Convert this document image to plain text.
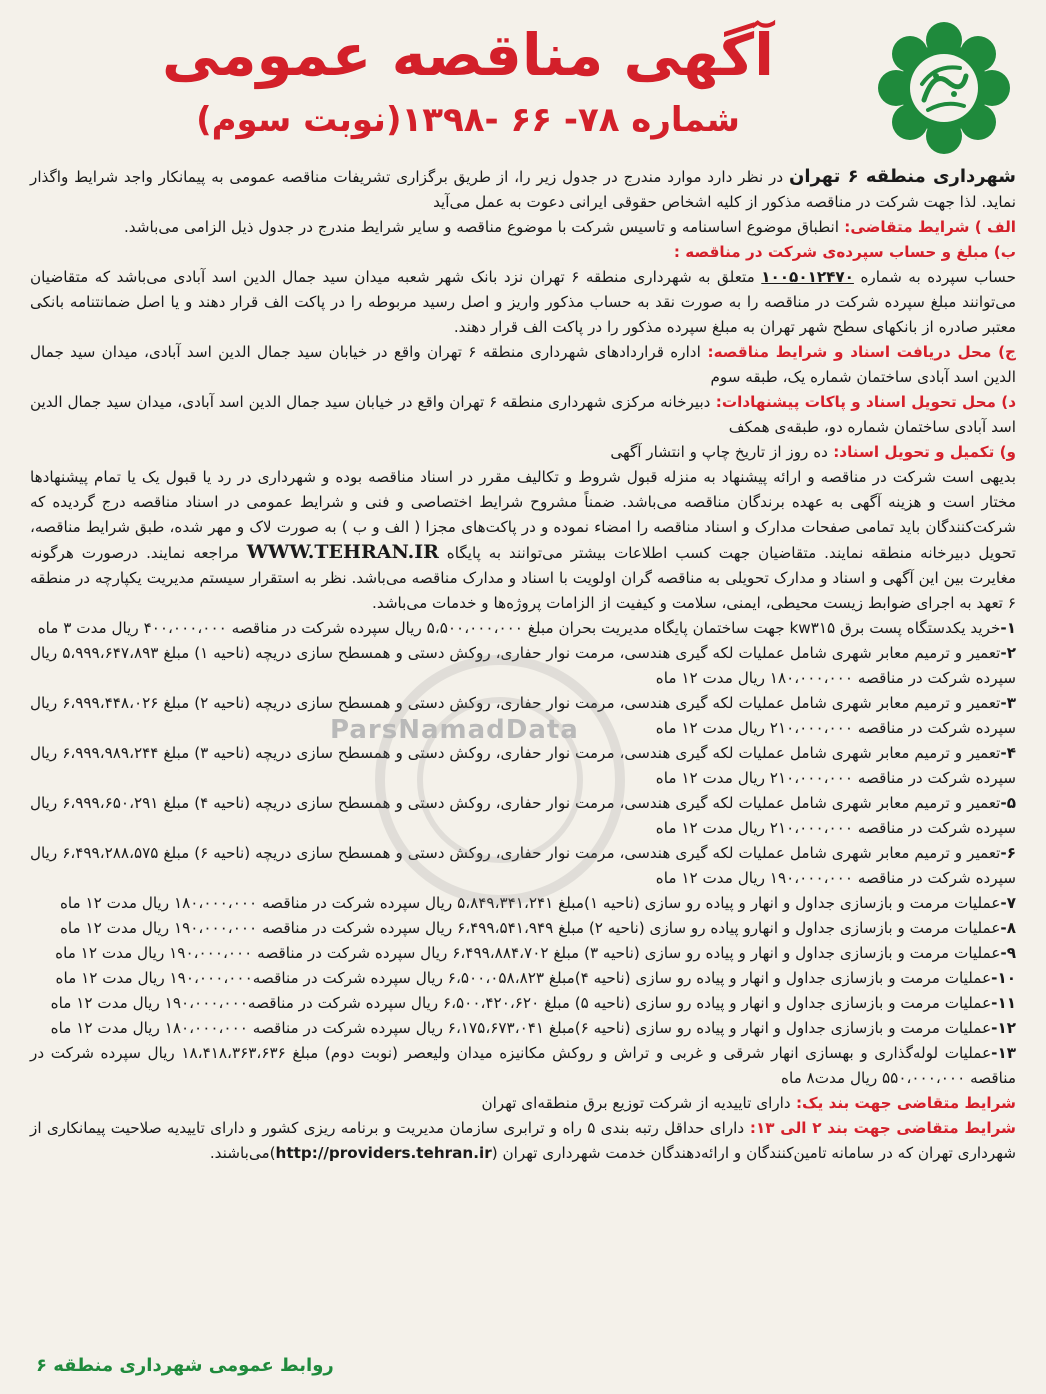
آگهی مناقصه عمومی
شماره ۷۸- ۶۶ -۱۳۹۸(نوبت سوم)

شهرداری منطقه ۶ تهران در نظر دارد موارد مندرج در جدول زیر را، از طریق برگزاری تشریفات مناقصه عمومی به پیمانکار واجد شرایط واگذار نماید. لذا جهت شرکت در مناقصه مذکور از کلیه اشخاص حقوقی ایرانی دعوت به عمل می‌آید

الف ) شرایط متقاضی: انطباق موضوع اساسنامه و تاسیس شرکت با موضوع مناقصه و سایر شرایط مندرج در جدول ذیل الزامی می‌باشد.

ب) مبلغ و حساب سپرده‌ی شرکت در مناقصه :

حساب سپرده به شماره ۱۰۰۵۰۱۲۴۷۰ متعلق به شهرداری منطقه ۶ تهران نزد بانک شهر شعبه میدان سید جمال الدین اسد آبادی می‌باشد که متقاضیان می‌توانند مبلغ سپرده شرکت در مناقصه را به صورت نقد به حساب مذکور واریز و اصل رسید مربوطه را در پاکت الف قرار دهند و یا اصل ضمانتنامه بانکی معتبر صادره از بانکهای سطح شهر تهران به مبلغ سپرده مذکور را در پاکت الف قرار دهند.

ج) محل دریافت اسناد و شرایط مناقصه: اداره قراردادهای شهرداری منطقه ۶ تهران واقع در خیابان سید جمال الدین اسد آبادی، میدان سید جمال الدین اسد آبادی ساختمان شماره یک، طبقه سوم

د) محل تحویل اسناد و پاکات پیشنهادات: دبیرخانه مرکزی شهرداری منطقه ۶ تهران واقع در خیابان سید جمال الدین اسد آبادی، میدان سید جمال الدین اسد آبادی ساختمان شماره دو، طبقه‌ی همکف

و) تکمیل و تحویل اسناد: ده روز از تاریخ چاپ و انتشار آگهی

بدیهی است شرکت در مناقصه و ارائه پیشنهاد به منزله قبول شروط و تکالیف مقرر در اسناد مناقصه بوده و شهرداری در رد یا قبول یک یا تمام پیشنهادها مختار است و هزینه آگهی به عهده برندگان مناقصه می‌باشد. ضمناً مشروح شرایط اختصاصی و فنی و شرایط عمومی در اسناد مناقصه درج گردیده که شرکت‌کنندگان باید تمامی صفحات مدارک و اسناد مناقصه را امضاء نموده و در پاکت‌های مجزا ( الف و ب ) به صورت لاک و مهر شده، طبق شرایط مناقصه، تحویل دبیرخانه منطقه نمایند. متقاضیان جهت کسب اطلاعات بیشتر می‌توانند به پایگاه WWW.TEHRAN.IR مراجعه نمایند. درصورت هرگونه مغایرت بین این آگهی و اسناد و مدارک تحویلی به مناقصه گران اولویت با اسناد و مدارک مناقصه می‌باشد. نظر به استقرار سیستم مدیریت یکپارچه در منطقه ۶ تعهد به اجرای ضوابط زیست محیطی، ایمنی، سلامت و کیفیت از الزامات پروژه‌ها و خدمات می‌باشد.

۱-خرید یکدستگاه پست برق kw۳۱۵ جهت ساختمان پایگاه مدیریت بحران مبلغ ۵،۵۰۰،۰۰۰،۰۰۰ ریال سپرده شرکت در مناقصه ۴۰۰،۰۰۰،۰۰۰ ریال مدت ۳ ماه

۲-تعمیر و ترمیم معابر شهری شامل عملیات لکه گیری هندسی، مرمت نوار حفاری، روکش دستی و همسطح سازی دریچه (ناحیه ۱) مبلغ ۵،۹۹۹،۶۴۷،۸۹۳ ریال سپرده شرکت در مناقصه ۱۸۰،۰۰۰،۰۰۰ ریال مدت ۱۲ ماه

۳-تعمیر و ترمیم معابر شهری شامل عملیات لکه گیری هندسی، مرمت نوار حفاری، روکش دستی و همسطح سازی دریچه (ناحیه ۲) مبلغ ۶،۹۹۹،۴۴۸،۰۲۶ ریال سپرده شرکت در مناقصه ۲۱۰،۰۰۰،۰۰۰ ریال مدت ۱۲ ماه

۴-تعمیر و ترمیم معابر شهری شامل عملیات لکه گیری هندسی، مرمت نوار حفاری، روکش دستی و همسطح سازی دریچه (ناحیه ۳) مبلغ ۶،۹۹۹،۹۸۹،۲۴۴ ریال سپرده شرکت در مناقصه ۲۱۰،۰۰۰،۰۰۰ ریال مدت ۱۲ ماه

۵-تعمیر و ترمیم معابر شهری شامل عملیات لکه گیری هندسی، مرمت نوار حفاری، روکش دستی و همسطح سازی دریچه (ناحیه ۴) مبلغ ۶،۹۹۹،۶۵۰،۲۹۱ ریال سپرده شرکت در مناقصه ۲۱۰،۰۰۰،۰۰۰ ریال مدت ۱۲ ماه

۶-تعمیر و ترمیم معابر شهری شامل عملیات لکه گیری هندسی، مرمت نوار حفاری، روکش دستی و همسطح سازی دریچه (ناحیه ۶) مبلغ ۶،۴۹۹،۲۸۸،۵۷۵ ریال سپرده شرکت در مناقصه ۱۹۰،۰۰۰،۰۰۰ ریال مدت ۱۲ ماه

۷-عملیات مرمت و بازسازی جداول و انهار و پیاده رو سازی (ناحیه ۱)مبلغ ۵،۸۴۹،۳۴۱،۲۴۱ ریال سپرده شرکت در مناقصه ۱۸۰،۰۰۰،۰۰۰ ریال مدت ۱۲ ماه

۸-عملیات مرمت و بازسازی جداول و انهارو پیاده رو سازی (ناحیه ۲) مبلغ ۶،۴۹۹،۵۴۱،۹۴۹ ریال سپرده شرکت در مناقصه ۱۹۰،۰۰۰،۰۰۰ ریال مدت ۱۲ ماه

۹-عملیات مرمت و بازسازی جداول و انهار و پیاده رو سازی (ناحیه ۳) مبلغ ۶،۴۹۹،۸۸۴،۷۰۲ ریال سپرده شرکت در مناقصه ۱۹۰،۰۰۰،۰۰۰ ریال مدت ۱۲ ماه

۱۰-عملیات مرمت و بازسازی جداول و انهار و پیاده رو سازی (ناحیه ۴)مبلغ ۶،۵۰۰،۰۵۸،۸۲۳ ریال سپرده شرکت در مناقصه۱۹۰،۰۰۰،۰۰۰ ریال مدت ۱۲ ماه

۱۱-عملیات مرمت و بازسازی جداول و انهار و پیاده رو سازی (ناحیه ۵) مبلغ ۶،۵۰۰،۴۲۰،۶۲۰ ریال سپرده شرکت در مناقصه۱۹۰،۰۰۰،۰۰۰ ریال مدت ۱۲ ماه

۱۲-عملیات مرمت و بازسازی جداول و انهار و پیاده رو سازی (ناحیه ۶)مبلغ ۶،۱۷۵،۶۷۳،۰۴۱ ریال سپرده شرکت در مناقصه ۱۸۰،۰۰۰،۰۰۰ ریال مدت ۱۲ ماه

۱۳-عملیات لوله‌گذاری و بهسازی انهار شرقی و غربی و تراش و روکش مکانیزه میدان ولیعصر (نوبت دوم) مبلغ ۱۸،۴۱۸،۳۶۳،۶۳۶ ریال سپرده شرکت در مناقصه ۵۵۰،۰۰۰،۰۰۰ ریال مدت۸ ماه

شرایط متقاضی جهت بند یک: دارای تاییدیه از شرکت توزیع برق منطقه‌ای تهران

شرایط متقاضی جهت بند ۲ الی ۱۳: دارای حداقل رتبه بندی ۵ راه و ترابری سازمان مدیریت و برنامه ریزی کشور و دارای تاییدیه صلاحیت پیمانکاری از شهرداری تهران که در سامانه تامین‌کنندگان و ارائه‌دهندگان خدمت شهرداری تهران (http://providers.tehran.ir)می‌باشند.

ParsNamadData
روابط عمومی شهرداری منطقه ۶
